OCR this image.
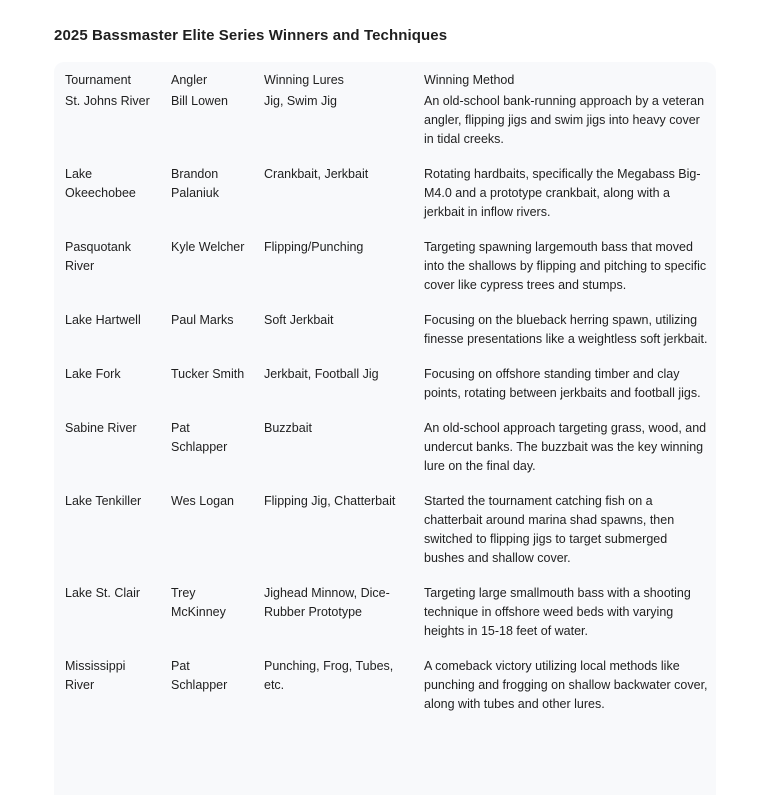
2025 Bassmaster Elite Series Winners and Techniques
Tournament	Angler	Winning Lures	Winning Method
St. Johns River	Bill Lowen	Jig, Swim Jig	An old-school bank-running approach by a veteran angler, flipping jigs and swim jigs into heavy cover in tidal creeks.
Lake Okeechobee	Brandon Palaniuk	Crankbait, Jerkbait	Rotating hardbaits, specifically the Megabass Big-M4.0 and a prototype crankbait, along with a jerkbait in inflow rivers.
Pasquotank River	Kyle Welcher	Flipping/Punching	Targeting spawning largemouth bass that moved into the shallows by flipping and pitching to specific cover like cypress trees and stumps.
Lake Hartwell	Paul Marks	Soft Jerkbait	Focusing on the blueback herring spawn, utilizing finesse presentations like a weightless soft jerkbait.
Lake Fork	Tucker Smith	Jerkbait, Football Jig	Focusing on offshore standing timber and clay points, rotating between jerkbaits and football jigs.
Sabine River	Pat Schlapper	Buzzbait	An old-school approach targeting grass, wood, and undercut banks. The buzzbait was the key winning lure on the final day.
Lake Tenkiller	Wes Logan	Flipping Jig, Chatterbait	Started the tournament catching fish on a chatterbait around marina shad spawns, then switched to flipping jigs to target submerged bushes and shallow cover.
Lake St. Clair	Trey McKinney	Jighead Minnow, Dice-Rubber Prototype	Targeting large smallmouth bass with a shooting technique in offshore weed beds with varying heights in 15-18 feet of water.
Mississippi River	Pat Schlapper	Punching, Frog, Tubes, etc.	A comeback victory utilizing local methods like punching and frogging on shallow backwater cover, along with tubes and other lures.
